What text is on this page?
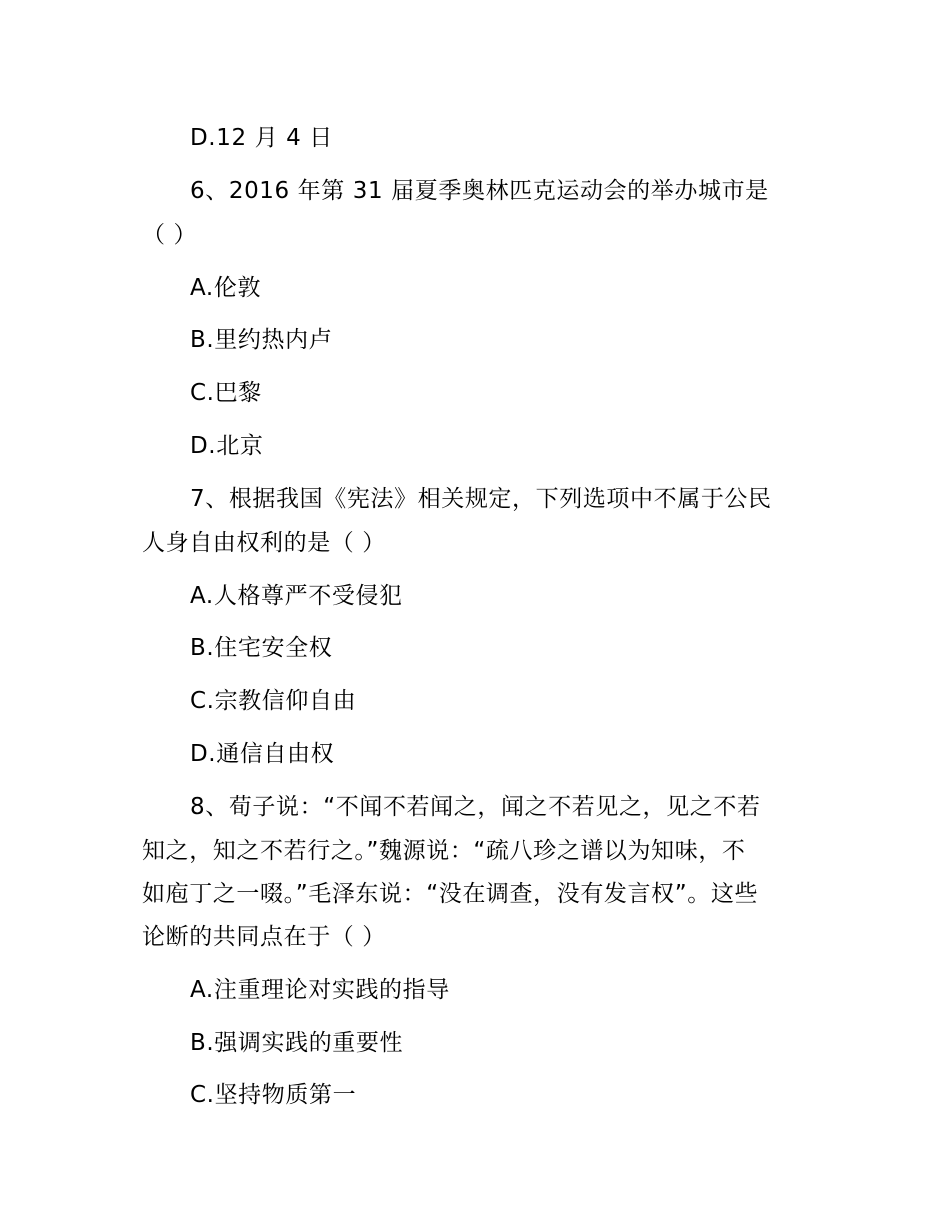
D.12 月 4 日
6、2016 年第 31 届夏季奥林匹克运动会的举办城市是
（ ）
A.伦敦
B.里约热内卢
C.巴黎
D.北京
7、根据我国《宪法》相关规定，下列选项中不属于公民
人身自由权利的是（ ）
A.人格尊严不受侵犯
B.住宅安全权
C.宗教信仰自由
D.通信自由权
8、荀子说：“不闻不若闻之，闻之不若见之，见之不若
知之，知之不若行之。”魏源说：“疏八珍之谱以为知味，不
如庖丁之一啜。”毛泽东说：“没在调查，没有发言权”。这些
论断的共同点在于（ ）
A.注重理论对实践的指导
B.强调实践的重要性
C.坚持物质第一
